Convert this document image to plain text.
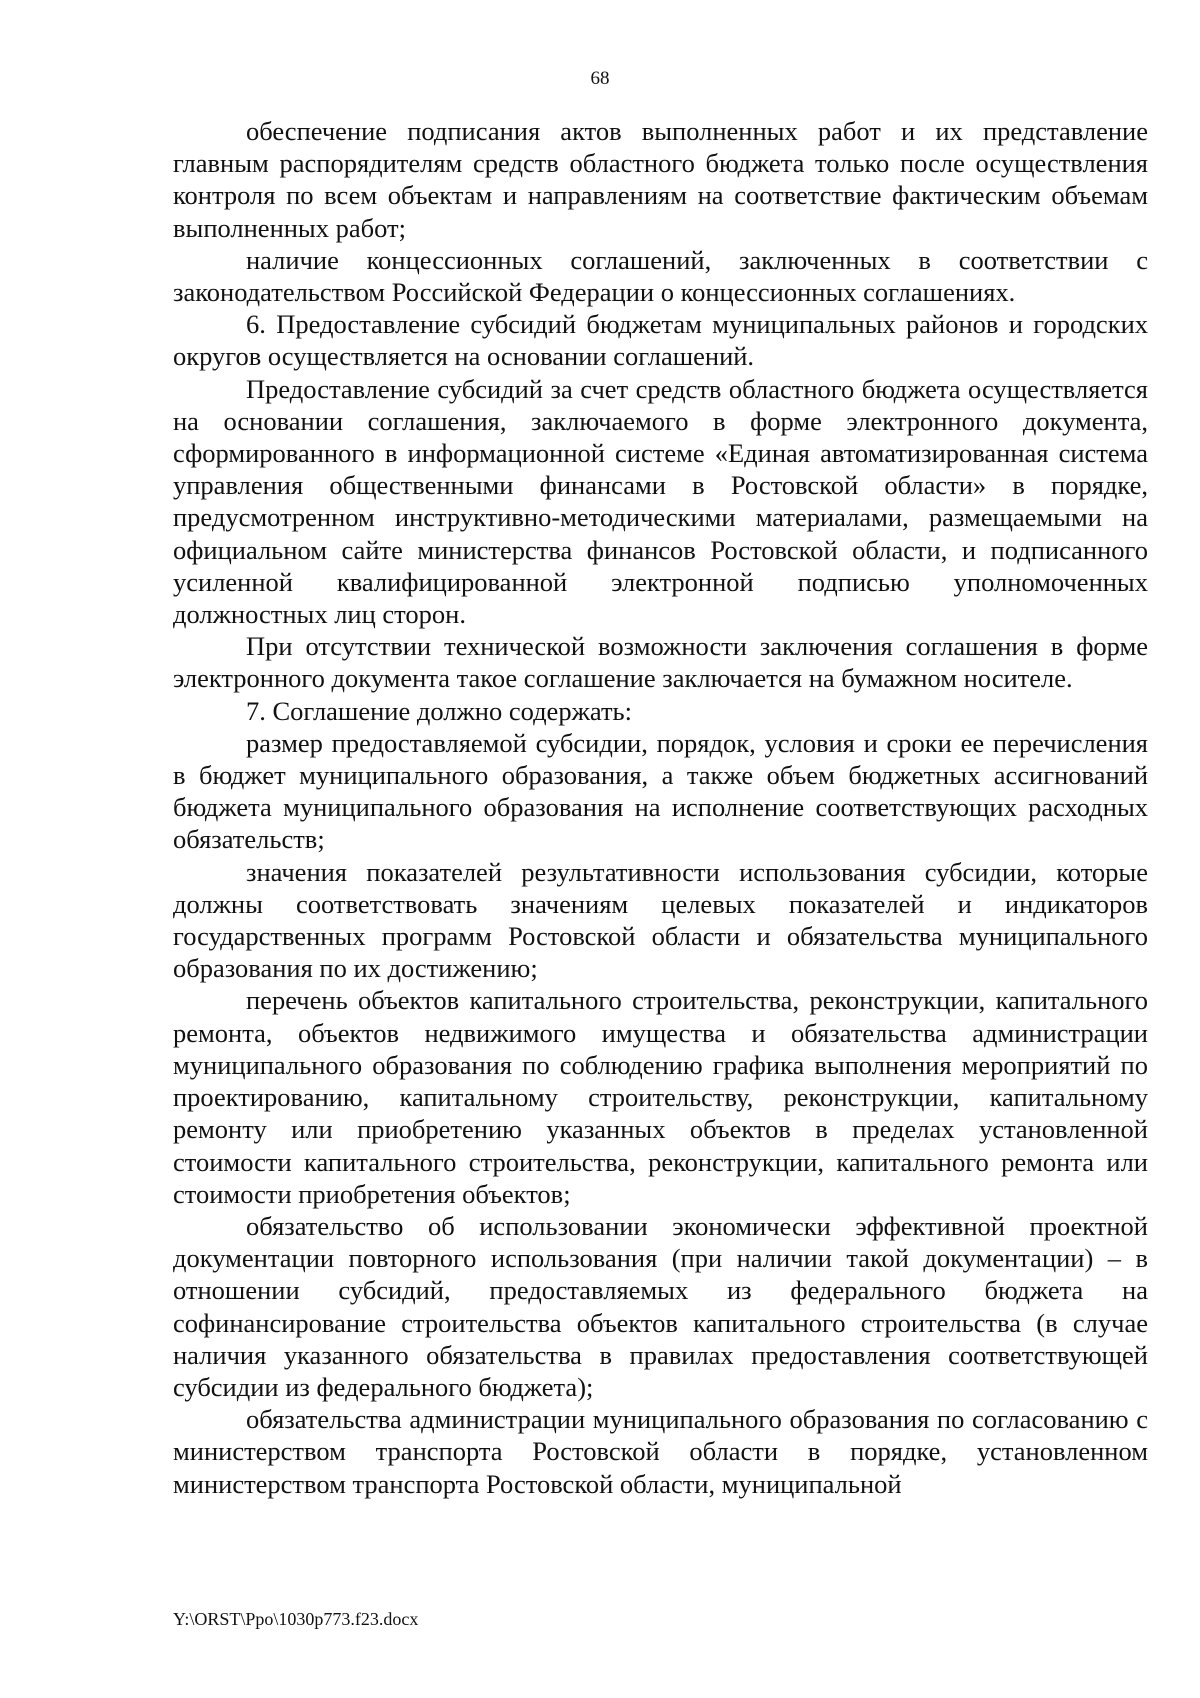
68

обеспечение подписания актов выполненных работ и их представление главным распорядителям средств областного бюджета только после осуществления контроля по всем объектам и направлениям на соответствие фактическим объемам выполненных работ;

наличие концессионных соглашений, заключенных в соответствии с законодательством Российской Федерации о концессионных соглашениях.

6. Предоставление субсидий бюджетам муниципальных районов и городских округов осуществляется на основании соглашений.

Предоставление субсидий за счет средств областного бюджета осуществляется на основании соглашения, заключаемого в форме электронного документа, сформированного в информационной системе «Единая автоматизированная система управления общественными финансами в Ростовской области» в порядке, предусмотренном инструктивно-методическими материалами, размещаемыми на официальном сайте министерства финансов Ростовской области, и подписанного усиленной квалифицированной электронной подписью уполномоченных должностных лиц сторон.

При отсутствии технической возможности заключения соглашения в форме электронного документа такое соглашение заключается на бумажном носителе.

7. Соглашение должно содержать:

размер предоставляемой субсидии, порядок, условия и сроки ее перечисления в бюджет муниципального образования, а также объем бюджетных ассигнований бюджета муниципального образования на исполнение соответствующих расходных обязательств;

значения показателей результативности использования субсидии, которые должны соответствовать значениям целевых показателей и индикаторов государственных программ Ростовской области и обязательства муниципального образования по их достижению;

перечень объектов капитального строительства, реконструкции, капитального ремонта, объектов недвижимого имущества и обязательства администрации муниципального образования по соблюдению графика выполнения мероприятий по проектированию, капитальному строительству, реконструкции, капитальному ремонту или приобретению указанных объектов в пределах установленной стоимости капитального строительства, реконструкции, капитального ремонта или стоимости приобретения объектов;

обязательство об использовании экономически эффективной проектной документации повторного использования (при наличии такой документации) – в отношении субсидий, предоставляемых из федерального бюджета на софинансирование строительства объектов капитального строительства (в случае наличия указанного обязательства в правилах предоставления соответствующей субсидии из федерального бюджета);

обязательства администрации муниципального образования по согласованию с министерством транспорта Ростовской области в порядке, установленном министерством транспорта Ростовской области, муниципальной

Y:\ORST\Ppo\1030p773.f23.docx
